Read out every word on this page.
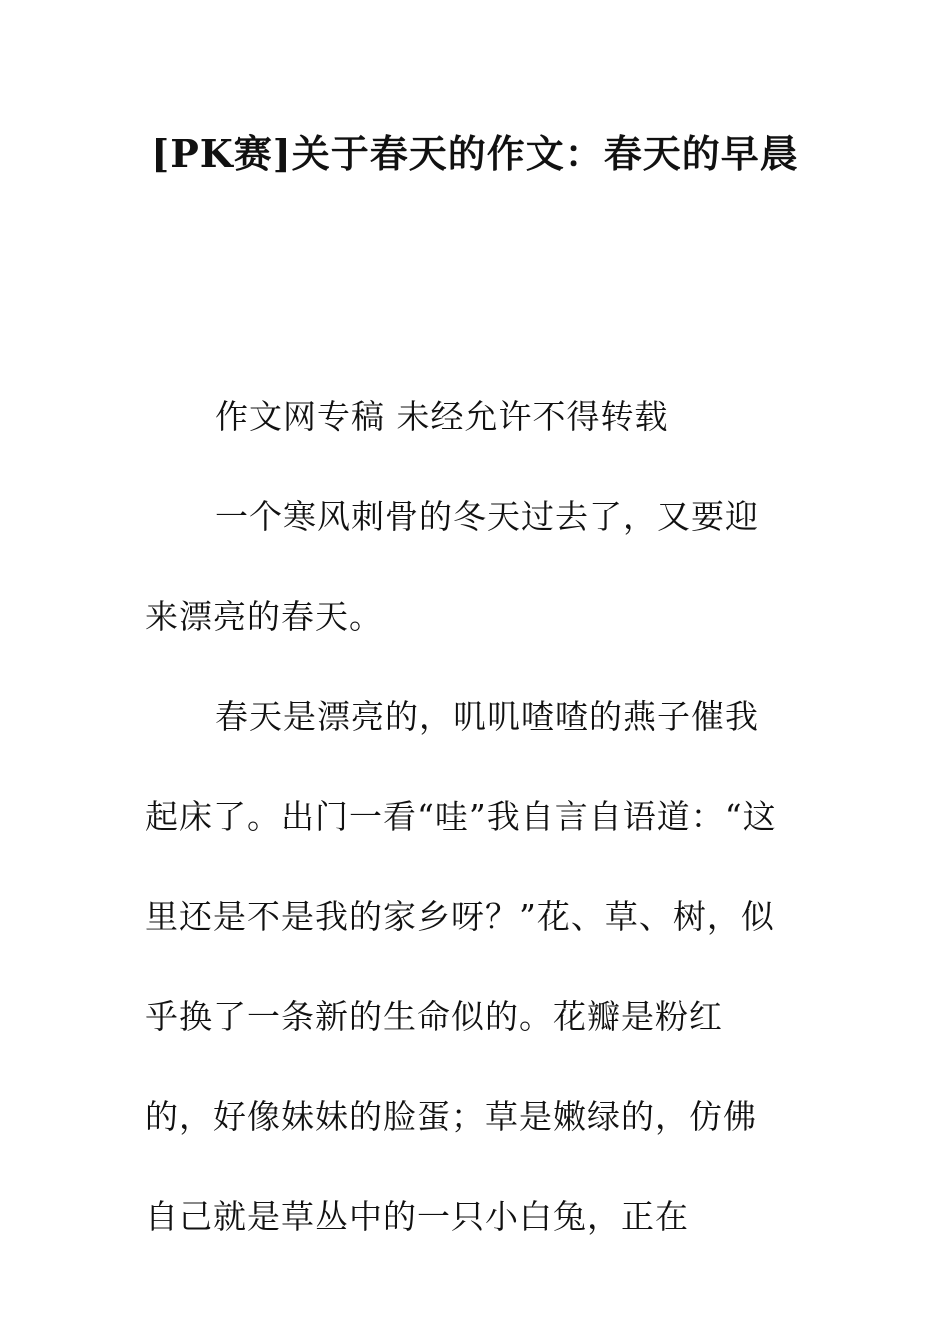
[PK赛]关于春天的作文：春天的早晨

作文网专稿 未经允许不得转载

一个寒风刺骨的冬天过去了，又要迎来漂亮的春天。

春天是漂亮的，叽叽喳喳的燕子催我起床了。出门一看“哇”我自言自语道：“这里还是不是我的家乡呀？”花、草、树，似乎换了一条新的生命似的。花瓣是粉红的，好像妹妹的脸蛋；草是嫩绿的，仿佛自己就是草丛中的一只小白兔，正在
